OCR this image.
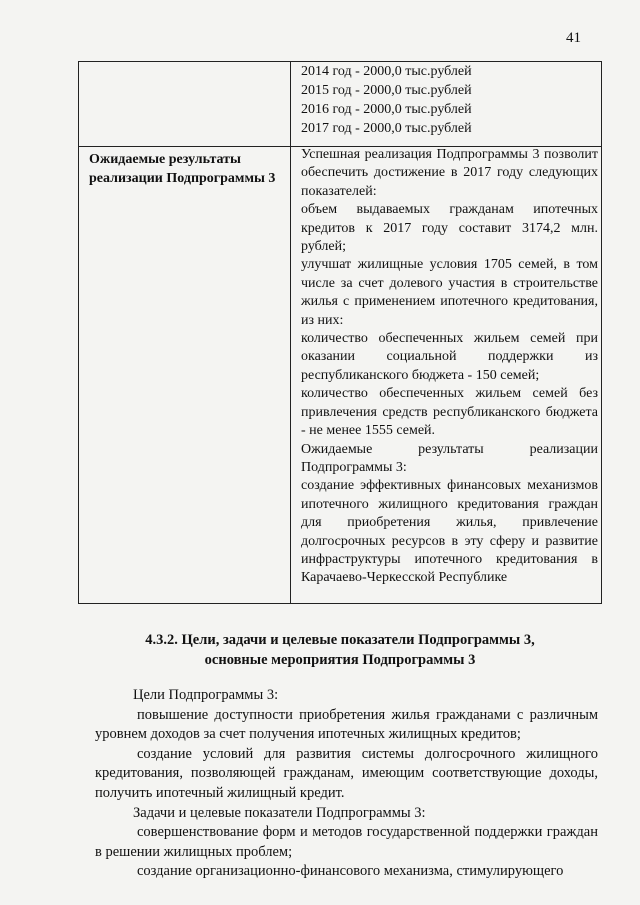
41
2014 год - 2000,0 тыс.рублей
2015 год - 2000,0 тыс.рублей
2016 год - 2000,0 тыс.рублей
2017 год - 2000,0 тыс.рублей
Ожидаемые результаты реализации Подпрограммы 3

Успешная реализация Подпрограммы 3 позволит обеспечить достижение в 2017 году следующих показателей:

объем выдаваемых гражданам ипотечных кредитов к 2017 году составит 3174,2 млн. рублей;

улучшат жилищные условия 1705 семей, в том числе за счет долевого участия в строительстве жилья с применением ипотечного кредитования, из них:

количество обеспеченных жильем семей при оказании социальной поддержки из республиканского бюджета - 150 семей;

количество обеспеченных жильем семей без привлечения средств республиканского бюджета - не менее 1555 семей.

Ожидаемые результаты реализации Подпрограммы 3:

создание эффективных финансовых механизмов ипотечного жилищного кредитования граждан для приобретения жилья, привлечение долгосрочных ресурсов в эту сферу и развитие инфраструктуры ипотечного кредитования в Карачаево-Черкесской Республике

4.3.2. Цели, задачи и целевые показатели Подпрограммы 3,
основные мероприятия Подпрограммы 3

Цели Подпрограммы 3:

повышение доступности приобретения жилья гражданами с различным уровнем доходов за счет получения ипотечных жилищных кредитов;

создание условий для развития системы долгосрочного жилищного кредитования, позволяющей гражданам, имеющим соответствующие доходы, получить ипотечный жилищный кредит.

Задачи и целевые показатели Подпрограммы 3:

совершенствование форм и методов государственной поддержки граждан в решении жилищных проблем;

создание организационно-финансового механизма, стимулирующего
